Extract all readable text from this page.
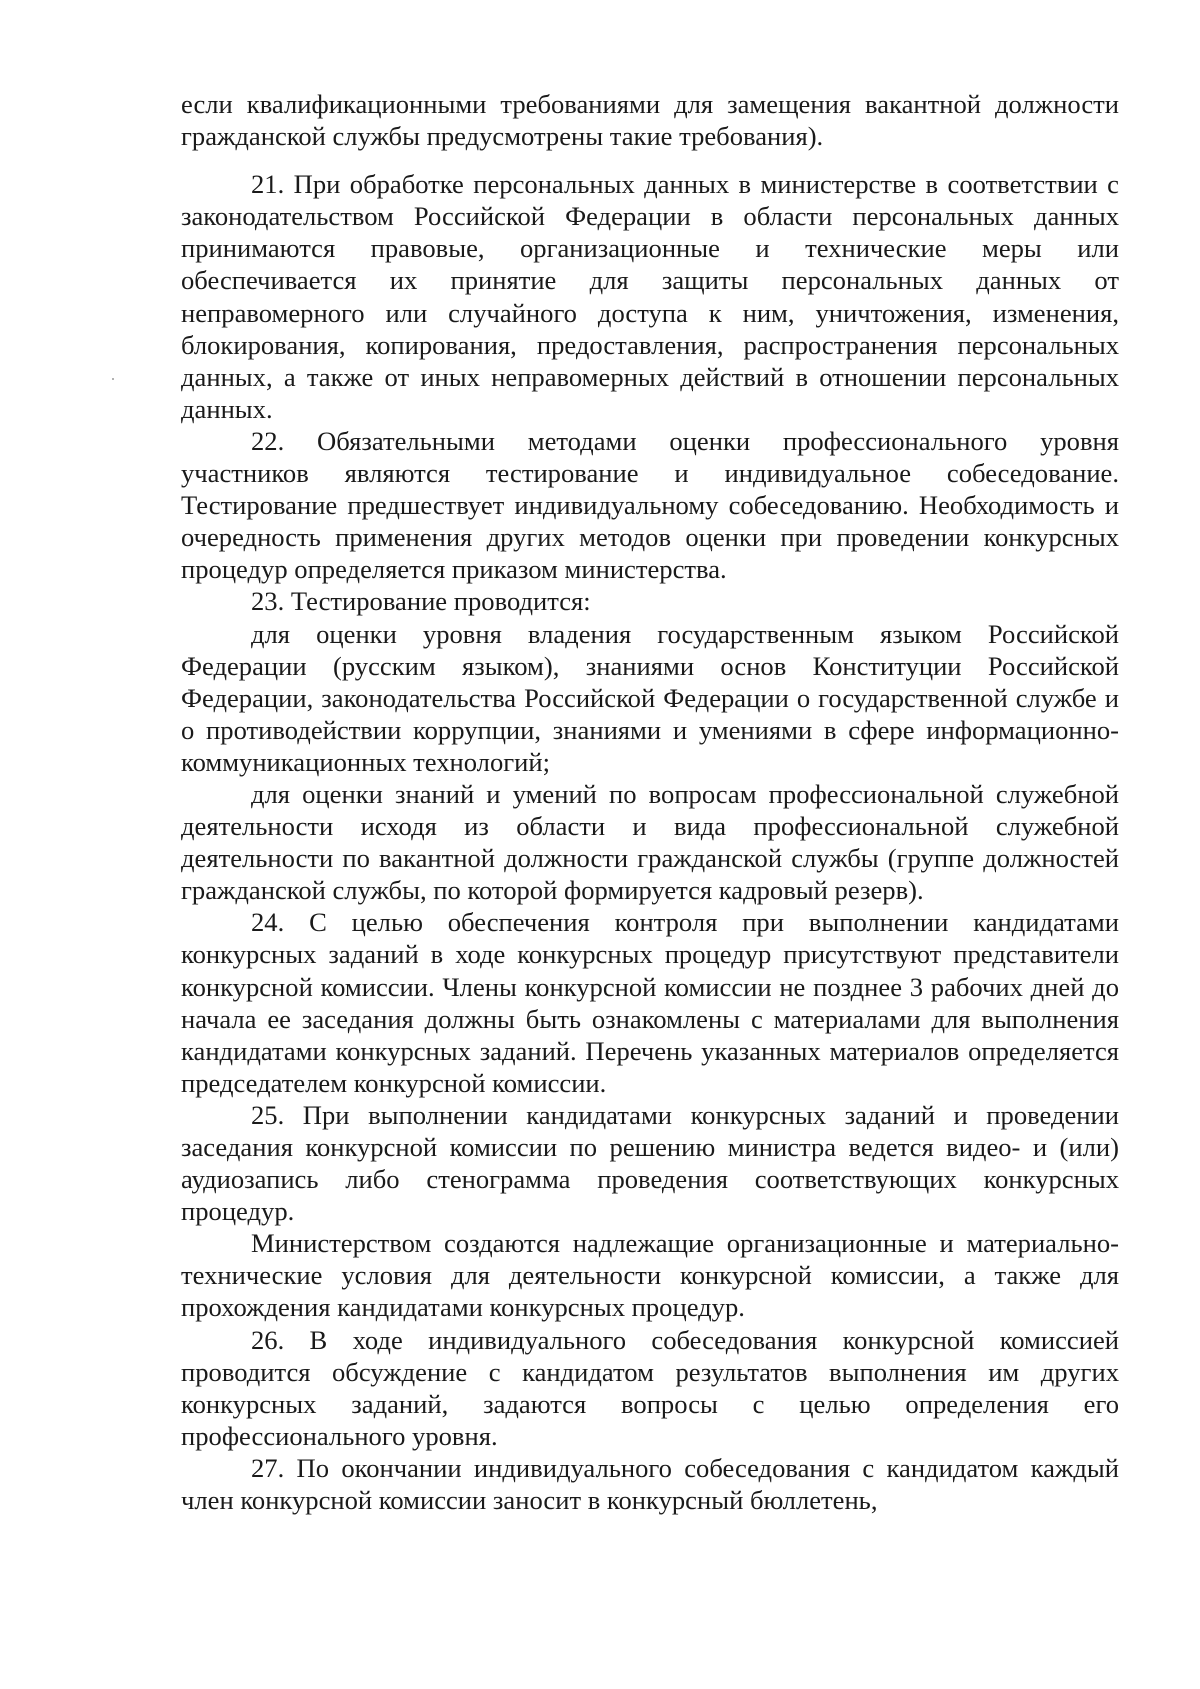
если квалификационными требованиями для замещения вакантной должности гражданской службы предусмотрены такие требования).

21. При обработке персональных данных в министерстве в соответствии с законодательством Российской Федерации в области персональных данных принимаются правовые, организационные и технические меры или обеспечивается их принятие для защиты персональных данных от неправомерного или случайного доступа к ним, уничтожения, изменения, блокирования, копирования, предоставления, распространения персональных данных, а также от иных неправомерных действий в отношении персональных данных.

22. Обязательными методами оценки профессионального уровня участников являются тестирование и индивидуальное собеседование. Тестирование предшествует индивидуальному собеседованию. Необходимость и очередность применения других методов оценки при проведении конкурсных процедур определяется приказом министерства.

23. Тестирование проводится:

для оценки уровня владения государственным языком Российской Федерации (русским языком), знаниями основ Конституции Российской Федерации, законодательства Российской Федерации о государственной службе и о противодействии коррупции, знаниями и умениями в сфере информационно-коммуникационных технологий;

для оценки знаний и умений по вопросам профессиональной служебной деятельности исходя из области и вида профессиональной служебной деятельности по вакантной должности гражданской службы (группе должностей гражданской службы, по которой формируется кадровый резерв).

24. С целью обеспечения контроля при выполнении кандидатами конкурсных заданий в ходе конкурсных процедур присутствуют представители конкурсной комиссии. Члены конкурсной комиссии не позднее 3 рабочих дней до начала ее заседания должны быть ознакомлены с материалами для выполнения кандидатами конкурсных заданий. Перечень указанных материалов определяется председателем конкурсной комиссии.

25. При выполнении кандидатами конкурсных заданий и проведении заседания конкурсной комиссии по решению министра ведется видео- и (или) аудиозапись либо стенограмма проведения соответствующих конкурсных процедур.

Министерством создаются надлежащие организационные и материально-технические условия для деятельности конкурсной комиссии, а также для прохождения кандидатами конкурсных процедур.

26. В ходе индивидуального собеседования конкурсной комиссией проводится обсуждение с кандидатом результатов выполнения им других конкурсных заданий, задаются вопросы с целью определения его профессионального уровня.

27. По окончании индивидуального собеседования с кандидатом каждый член конкурсной комиссии заносит в конкурсный бюллетень,
